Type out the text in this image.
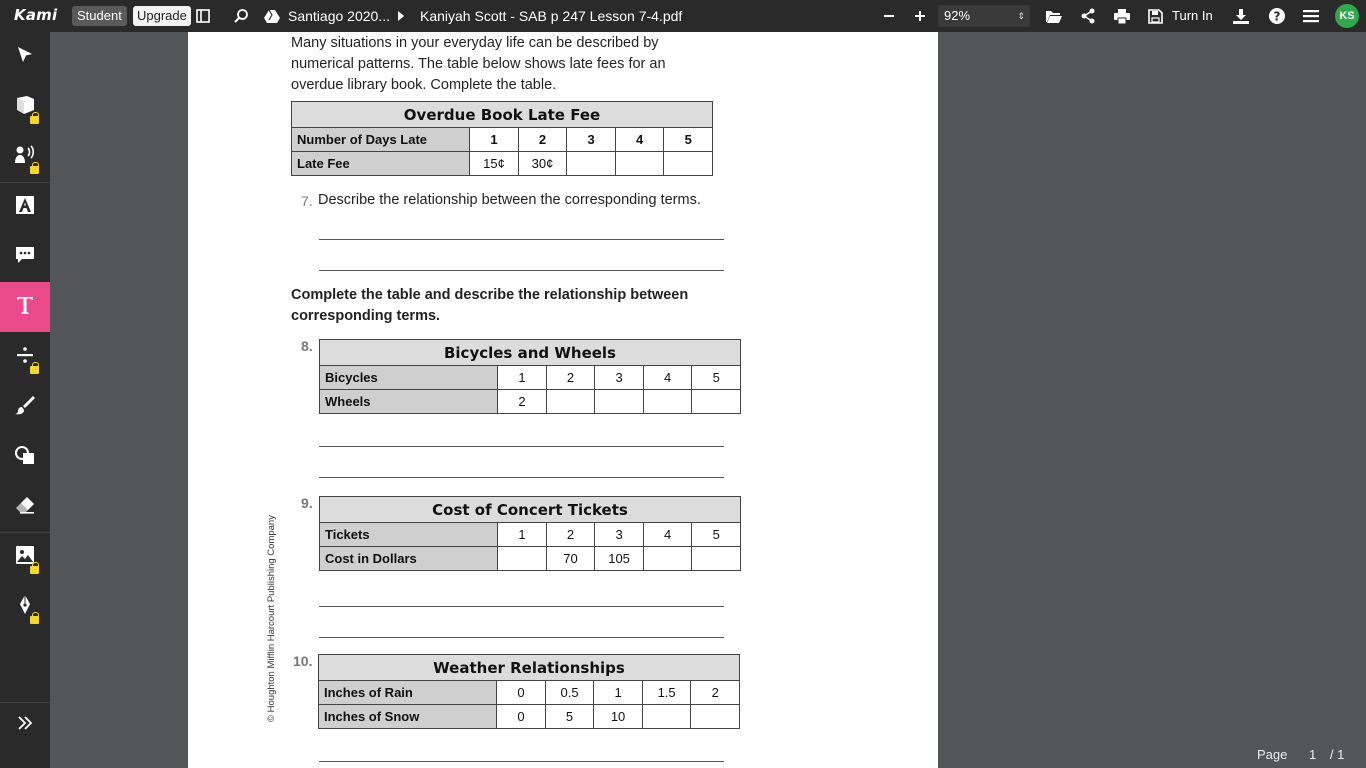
Kami	Student	Upgrade	Santiago 2020... Kaniyah Scott - SAB p 247 Lesson 7-4.pdf	92%	⇕	Turn In	?	KS
Many situations in your everyday life can be described by numerical patterns. The table below shows late fees for an overdue library book. Complete the table.
Overdue Book Late Fee					
Number of Days Late	1	2	3	4	5
Late Fee	15¢	30¢			
7. Describe the relationship between the corresponding terms.
Complete the table and describe the relationship between corresponding terms.
8.	Bicycles and Wheels					
Bicycles	1	2	3	4	5
Wheels	2				
9.	Cost of Concert Tickets					
Tickets	1	2	3	4	5
Cost in Dollars		70	105		
10.	Weather Relationships					
Inches of Rain	0	0.5	1	1.5	2
Inches of Snow	0	5	10		
© Houghton Mifflin Harcourt Publishing Company
Page 1 / 1
